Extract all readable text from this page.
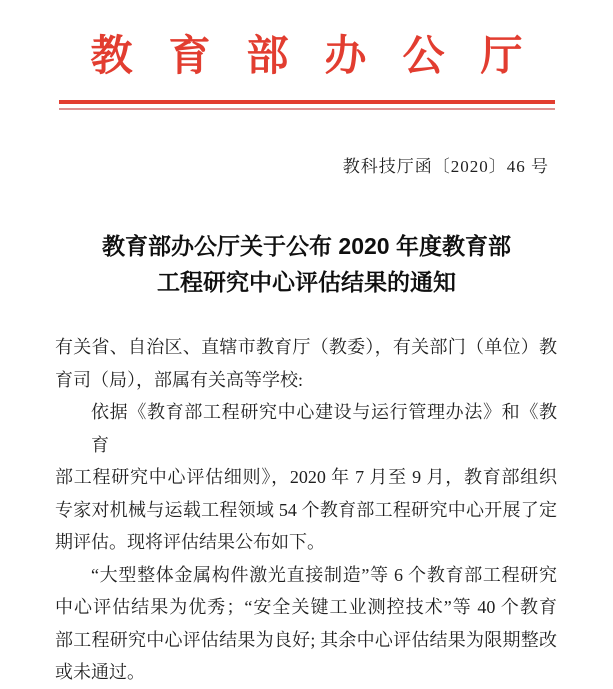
教育部办公厅
教科技厅函〔2020〕46 号
教育部办公厅关于公布 2020 年度教育部
工程研究中心评估结果的通知
有关省、自治区、直辖市教育厅（教委），有关部门（单位）教
育司（局），部属有关高等学校:
依据《教育部工程研究中心建设与运行管理办法》和《教育
部工程研究中心评估细则》，2020 年 7 月至 9 月，教育部组织
专家对机械与运载工程领域 54 个教育部工程研究中心开展了定
期评估。现将评估结果公布如下。
“大型整体金属构件激光直接制造”等 6 个教育部工程研究
中心评估结果为优秀；“安全关键工业测控技术”等 40 个教育
部工程研究中心评估结果为良好; 其余中心评估结果为限期整改
或未通过。
